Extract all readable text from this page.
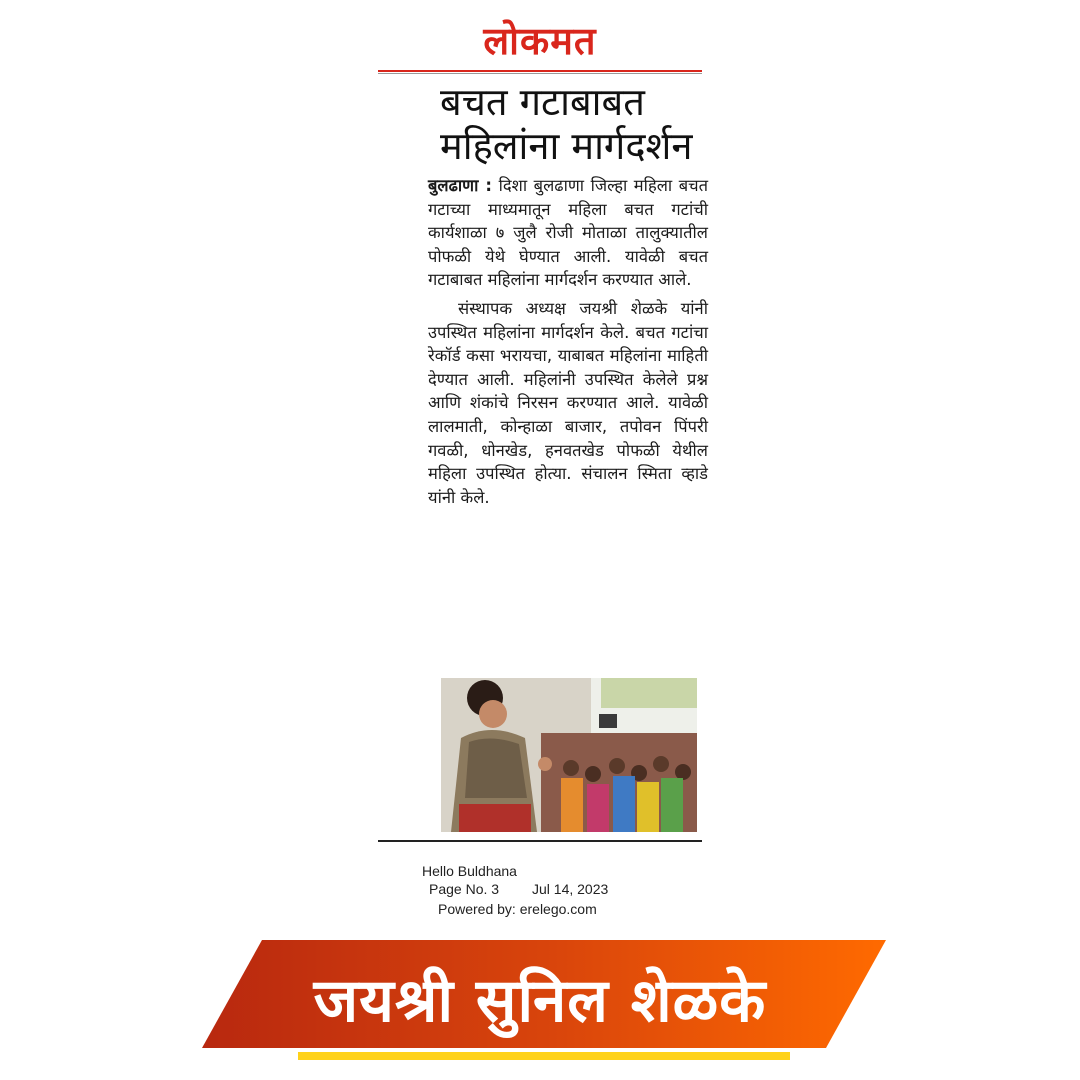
लोकमत
बचत गटाबाबत
महिलांना मार्गदर्शन

बुलढाणा : दिशा बुलढाणा जिल्हा महिला बचत गटाच्या माध्यमातून महिला बचत गटांची कार्यशाळा ७ जुलै रोजी मोताळा तालुक्यातील पोफळी येथे घेण्यात आली. यावेळी बचत गटाबाबत महिलांना मार्गदर्शन करण्यात आले.

संस्थापक अध्यक्ष जयश्री शेळके यांनी उपस्थित महिलांना मार्गदर्शन केले. बचत गटांचा रेकॉर्ड कसा भरायचा, याबाबत महिलांना माहिती देण्यात आली. महिलांनी उपस्थित केलेले प्रश्न आणि शंकांचे निरसन करण्यात आले. यावेळी लालमाती, कोन्हाळा बाजार, तपोवन पिंपरी गवळी, धोनखेड, हनवतखेड पोफळी येथील महिला उपस्थित होत्या. संचालन स्मिता व्हाडे यांनी केले.

Hello Buldhana
Page No. 3 Jul 14, 2023
Powered by: erelego.com
जयश्री सुनिल शेळके
